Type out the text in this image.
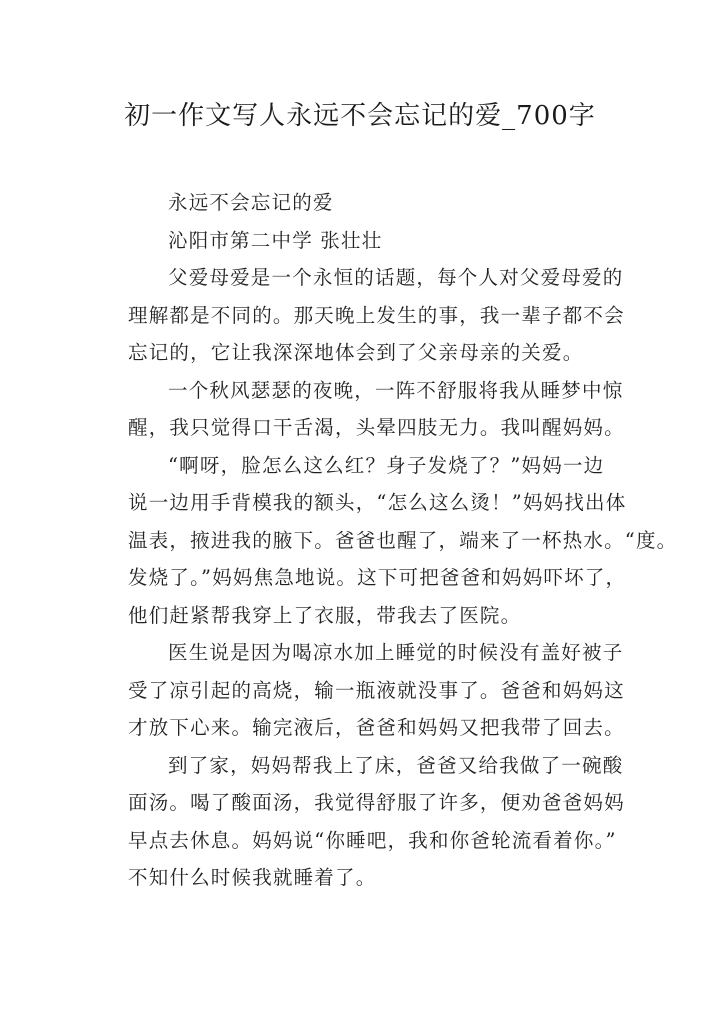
初一作文写人永远不会忘记的爱_700字
永远不会忘记的爱
沁阳市第二中学 张壮壮
父爱母爱是一个永恒的话题，每个人对父爱母爱的
理解都是不同的。那天晚上发生的事，我一辈子都不会
忘记的，它让我深深地体会到了父亲母亲的关爱。
一个秋风瑟瑟的夜晚，一阵不舒服将我从睡梦中惊
醒，我只觉得口干舌渴，头晕四肢无力。我叫醒妈妈。
“啊呀，脸怎么这么红？身子发烧了？”妈妈一边
说一边用手背模我的额头，“怎么这么烫！”妈妈找出体
温表，掖进我的腋下。爸爸也醒了，端来了一杯热水。“度。
发烧了。”妈妈焦急地说。这下可把爸爸和妈妈吓坏了，
他们赶紧帮我穿上了衣服，带我去了医院。
医生说是因为喝凉水加上睡觉的时候没有盖好被子
受了凉引起的高烧，输一瓶液就没事了。爸爸和妈妈这
才放下心来。输完液后，爸爸和妈妈又把我带了回去。
到了家，妈妈帮我上了床，爸爸又给我做了一碗酸
面汤。喝了酸面汤，我觉得舒服了许多，便劝爸爸妈妈
早点去休息。妈妈说“你睡吧，我和你爸轮流看着你。”
不知什么时候我就睡着了。
